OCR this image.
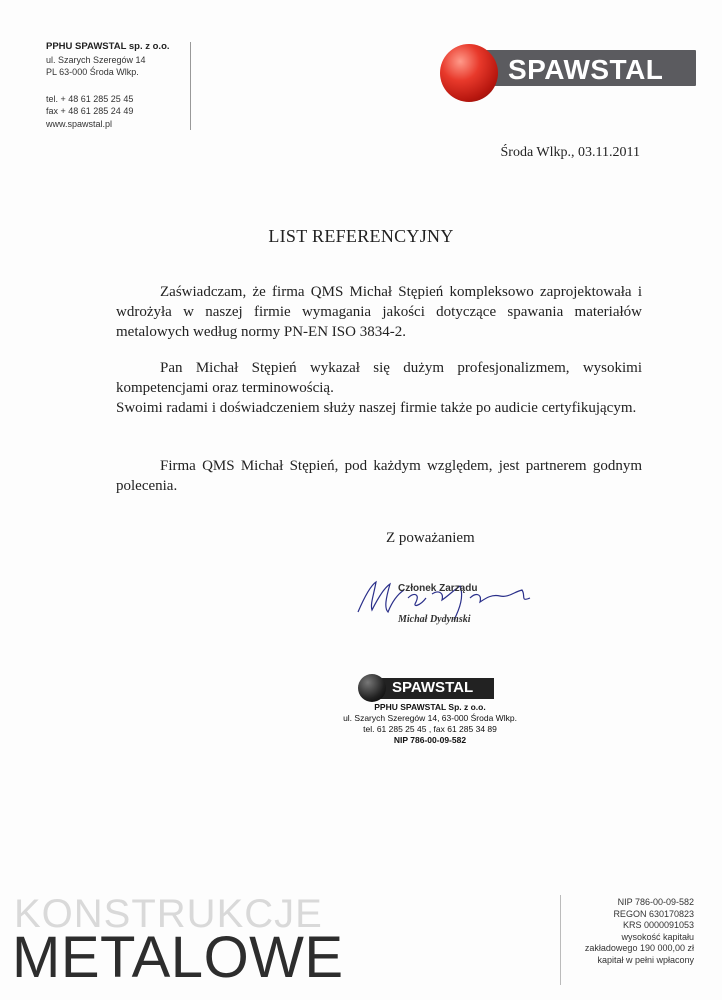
PPHU SPAWSTAL sp. z o.o.
ul. Szarych Szeregów 14
PL 63-000 Środa Wlkp.
tel. + 48 61 285 25 45
fax + 48 61 285 24 49
www.spawstal.pl
SPAWSTAL
Środa Wlkp., 03.11.2011
LIST REFERENCYJNY

Zaświadczam, że firma QMS Michał Stępień kompleksowo zaprojektowała i wdrożyła w naszej firmie wymagania jakości dotyczące spawania materiałów metalowych według normy PN-EN ISO 3834-2.

Pan Michał Stępień wykazał się dużym profesjonalizmem, wysokimi kompetencjami oraz terminowością.

Swoimi radami i doświadczeniem służy naszej firmie także po audicie certyfikującym.

Firma QMS Michał Stępień, pod każdym względem, jest partnerem godnym polecenia.

Z poważaniem
Członek Zarządu
Michał Dydymski
SPAWSTAL
PPHU SPAWSTAL Sp. z o.o.
ul. Szarych Szeregów 14, 63-000 Środa Wlkp.
tel. 61 285 25 45 , fax 61 285 34 89
NIP 786-00-09-582
KONSTRUKCJE
METALOWE
NIP 786-00-09-582
REGON 630170823
KRS 0000091053
wysokość kapitału
zakładowego 190 000,00 zł
kapitał w pełni wpłacony
